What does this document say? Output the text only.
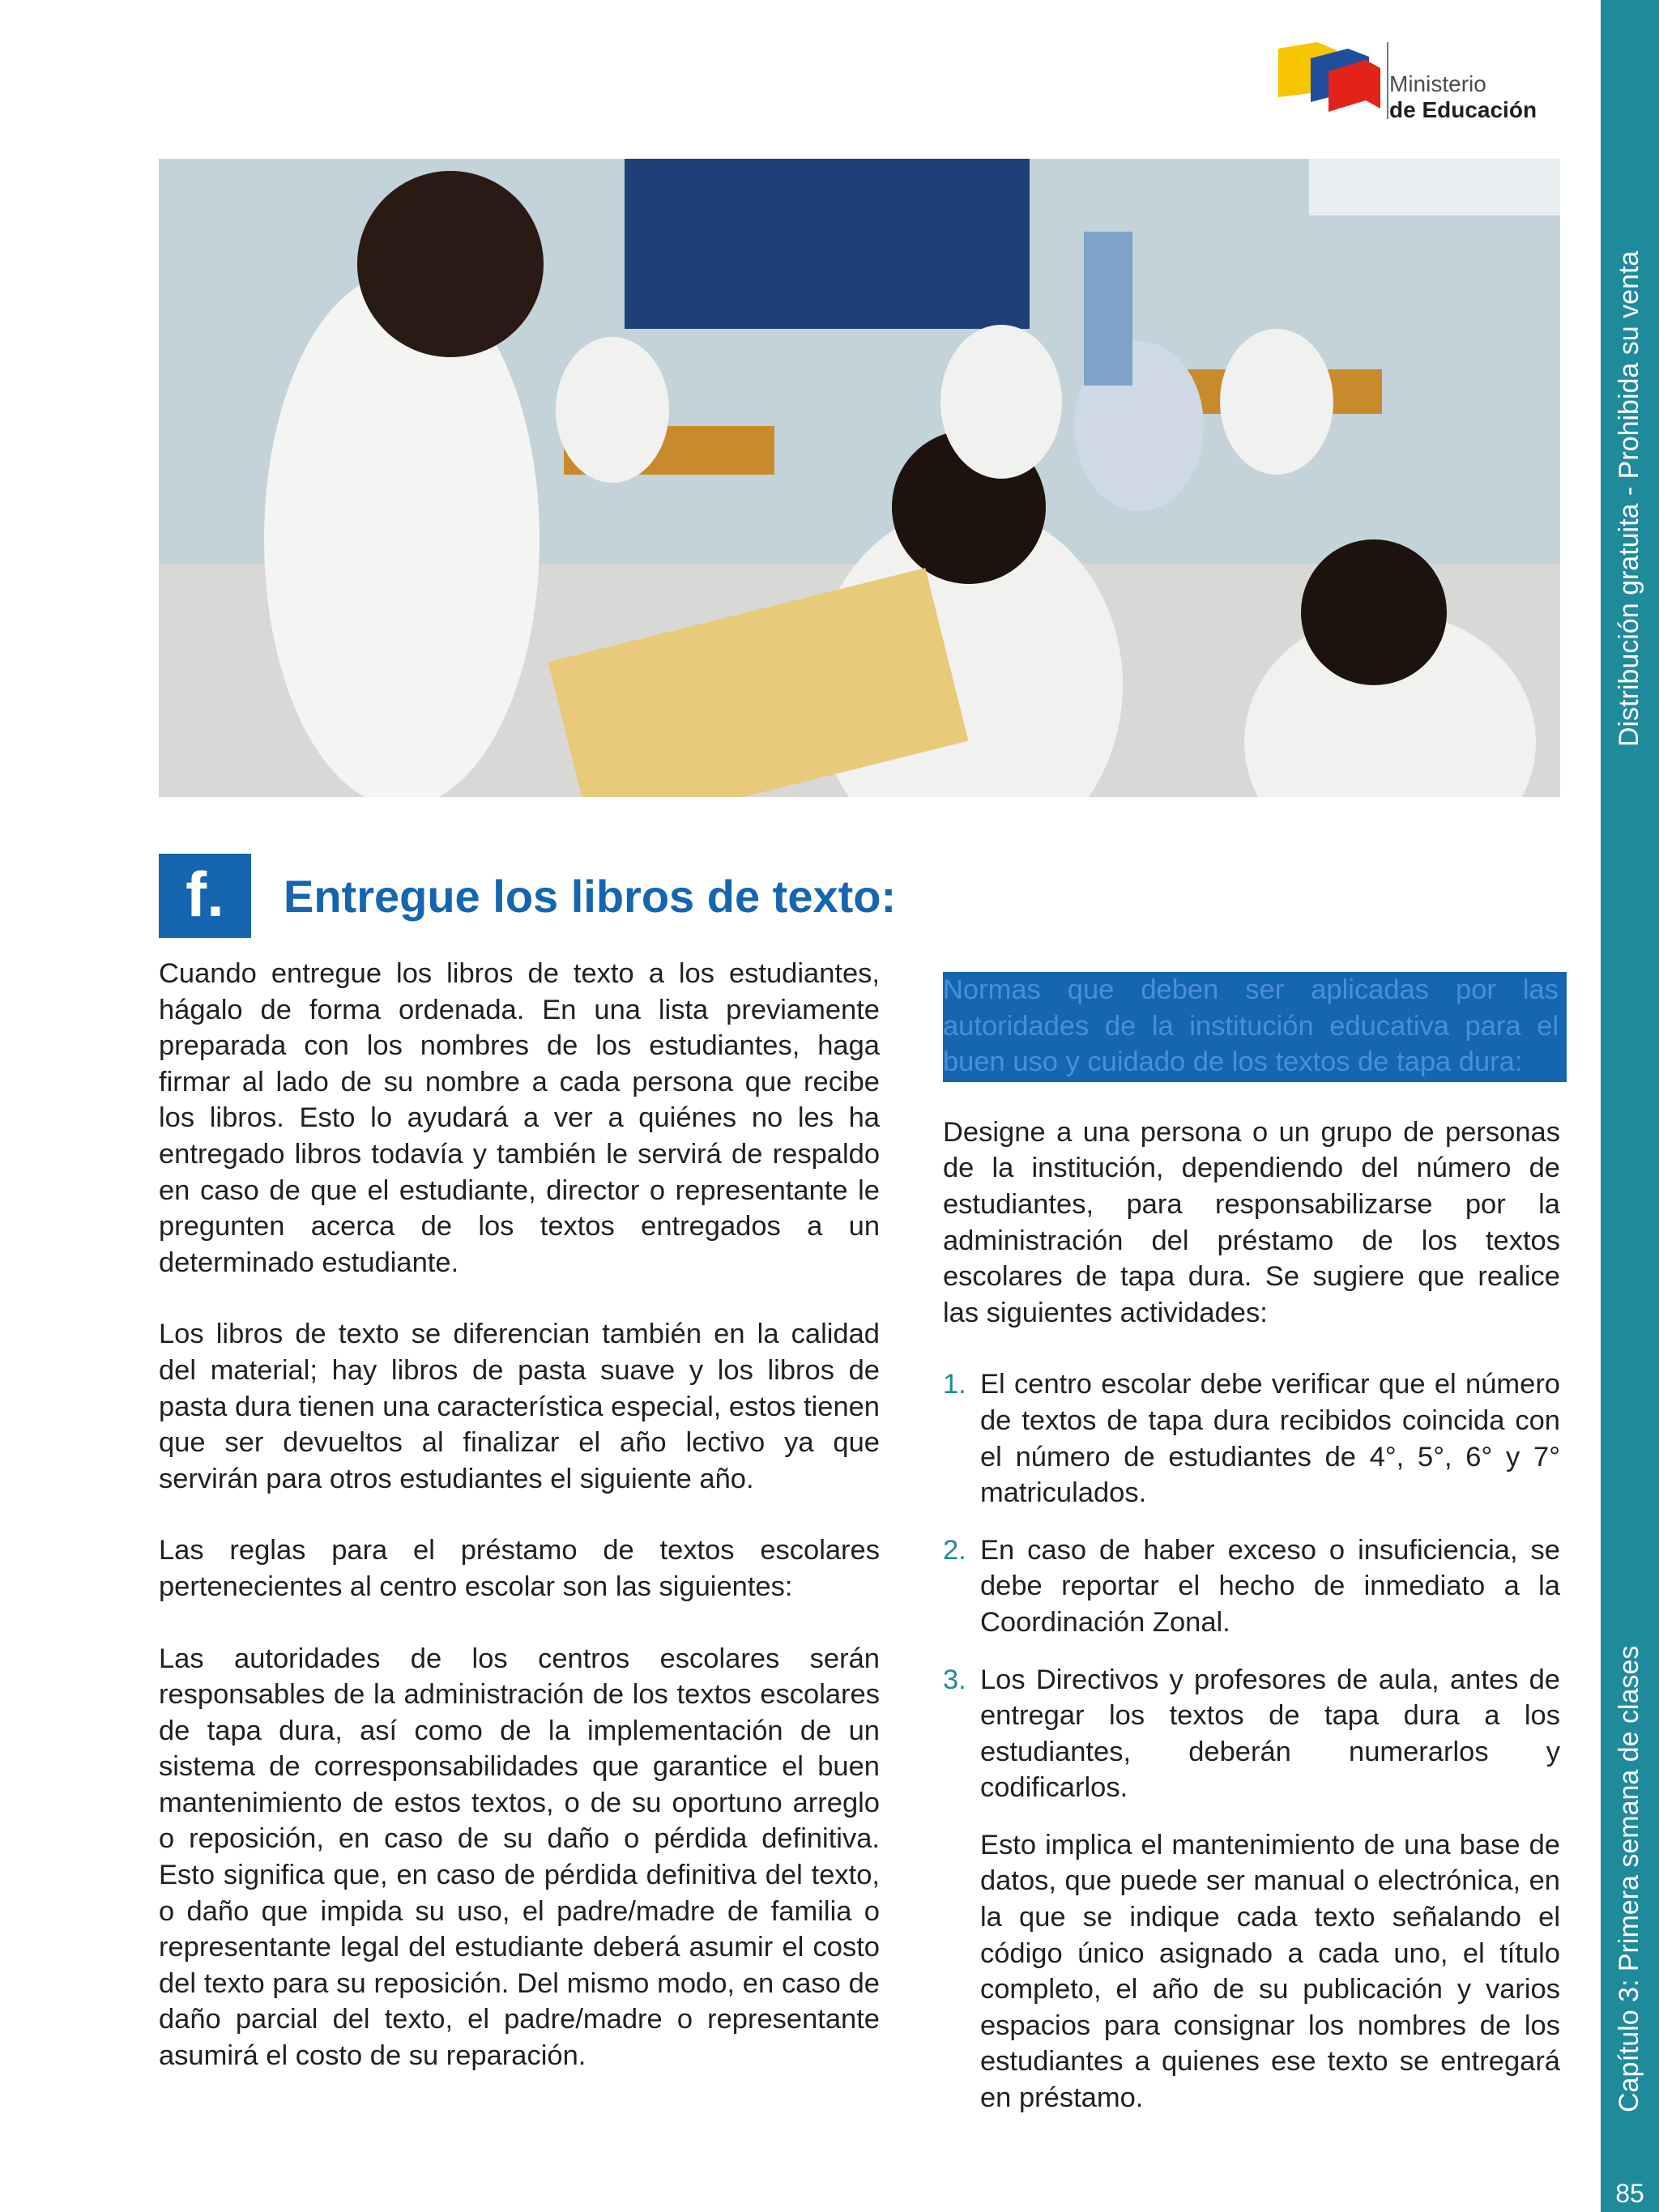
Distribución gratuita - Prohibida su venta
Capítulo 3: Primera semana de clases
85
Ministerio
de Educación
f.	Entregue los libros de texto:

Cuando entregue los libros de texto a los estudiantes, hágalo de forma ordenada. En una lista previamente preparada con los nombres de los estudiantes, haga firmar al lado de su nombre a cada persona que recibe los libros. Esto lo ayudará a ver a quiénes no les ha entregado libros todavía y también le servirá de respaldo en caso de que el estudiante, director o representante le pregunten acerca de los textos entregados a un determinado estudiante.

Los libros de texto se diferencian también en la calidad del material; hay libros de pasta suave y los libros de pasta dura tienen una característica especial, estos tienen que ser devueltos al finalizar el año lectivo ya que servirán para otros estudiantes el siguiente año.

Las reglas para el préstamo de textos escolares pertenecientes al centro escolar son las siguientes:

Las autoridades de los centros escolares serán responsables de la administración de los textos escolares de tapa dura, así como de la implementación de un sistema de corresponsabilidades que garantice el buen mantenimiento de estos textos, o de su oportuno arreglo o reposición, en caso de su daño o pérdida definitiva. Esto significa que, en caso de pérdida definitiva del texto, o daño que impida su uso, el padre/madre de familia o representante legal del estudiante deberá asumir el costo del texto para su reposición. Del mismo modo, en caso de daño parcial del texto, el padre/madre o representante asumirá el costo de su reparación.

Normas que deben ser aplicadas por las autoridades de la institución educativa para el buen uso y cuidado de los textos de tapa dura:

Designe a una persona o un grupo de personas de la institución, dependiendo del número de estudiantes, para responsabilizarse por la administración del préstamo de los textos escolares de tapa dura. Se sugiere que realice las siguientes actividades:

1. El centro escolar debe verificar que el número de textos de tapa dura recibidos coincida con el número de estudiantes de 4°, 5°, 6° y 7° matriculados.
2. En caso de haber exceso o insuficiencia, se debe reportar el hecho de inmediato a la Coordinación Zonal.
3. Los Directivos y profesores de aula, antes de entregar los textos de tapa dura a los estudiantes, deberán numerarlos y codificarlos.
Esto implica el mantenimiento de una base de datos, que puede ser manual o electrónica, en la que se indique cada texto señalando el código único asignado a cada uno, el título completo, el año de su publicación y varios espacios para consignar los nombres de los estudiantes a quienes ese texto se entregará en préstamo.
